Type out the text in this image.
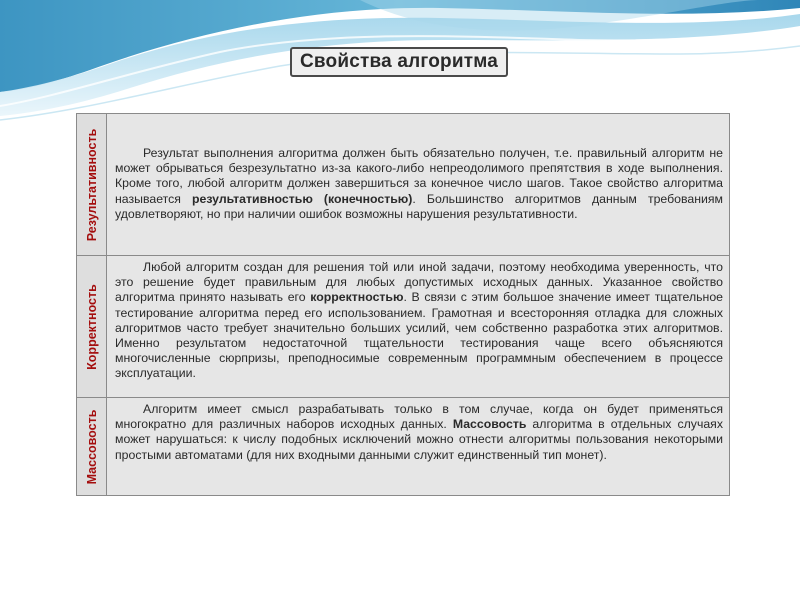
Свойства алгоритма
Результативность	Результат выполнения алгоритма должен быть обязательно получен, т.е. правильный алгоритм не может обрываться безрезультатно из-за какого-либо непреодолимого препятствия в ходе выполнения. Кроме того, любой алгоритм должен завершиться за конечное число шагов. Такое свойство алгоритма называется результативностью (конечностью). Большинство алгоритмов данным требованиям удовлетворяют, но при наличии ошибок возможны нарушения результативности.
Корректность
Любой алгоритм создан для решения той или иной задачи, поэтому необходима уверенность, что это решение будет правильным для любых допустимых исходных данных. Указанное свойство алгоритма принято называть его корректностью. В связи с этим большое значение имеет тщательное тестирование алгоритма перед его использованием. Грамотная и всесторонняя отладка для сложных алгоритмов часто требует значительно больших усилий, чем собственно разработка этих алгоритмов. Именно результатом недостаточной тщательности тестирования чаще всего объясняются многочисленные сюрпризы, преподносимые современным программным обеспечением в процессе эксплуатации.
Массовость
Алгоритм имеет смысл разрабатывать только в том случае, когда он будет применяться многократно для различных наборов исходных данных. Массовость алгоритма в отдельных случаях может нарушаться: к числу подобных исключений можно отнести алгоритмы пользования некоторыми простыми автоматами (для них входными данными служит единственный тип монет).
